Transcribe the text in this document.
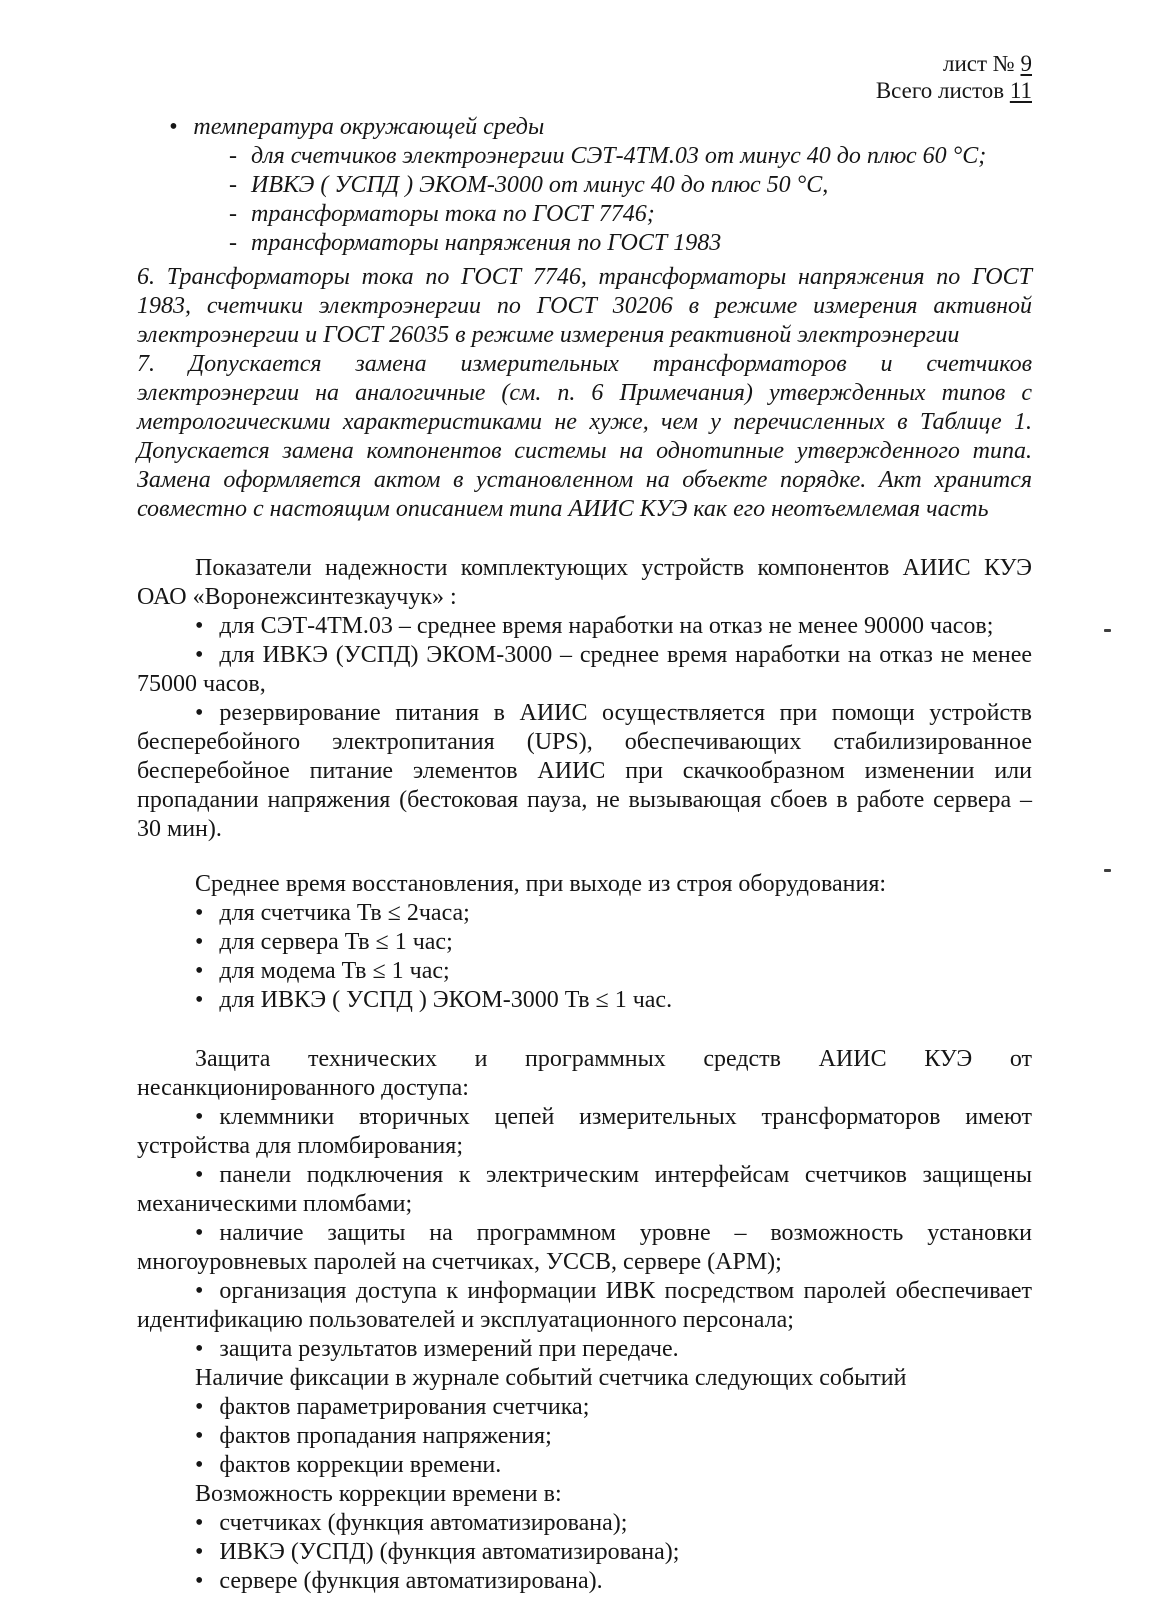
лист № 9
Всего листов 11

• температура окружающей среды

- для счетчиков электроэнергии СЭТ-4ТМ.03 от минус 40 до плюс 60 °С;

- ИВКЭ ( УСПД ) ЭКОМ-3000 от минус 40 до плюс 50 °С,

- трансформаторы тока по ГОСТ 7746;

- трансформаторы напряжения по ГОСТ 1983

6. Трансформаторы тока по ГОСТ 7746, трансформаторы напряжения по ГОСТ 1983, счетчики электроэнергии по ГОСТ 30206 в режиме измерения активной электроэнергии и ГОСТ 26035 в режиме измерения реактивной электроэнергии

7. Допускается замена измерительных трансформаторов и счетчиков электроэнергии на аналогичные (см. п. 6 Примечания) утвержденных типов с метрологическими характеристиками не хуже, чем у перечисленных в Таблице 1. Допускается замена компонентов системы на однотипные утвержденного типа. Замена оформляется актом в установленном на объекте порядке. Акт хранится совместно с настоящим описанием типа АИИС КУЭ как его неотъемлемая часть

Показатели надежности комплектующих устройств компонентов АИИС КУЭ ОАО «Воронежсинтезкаучук» :

• для СЭТ-4ТМ.03 – среднее время наработки на отказ не менее 90000 часов;

• для ИВКЭ (УСПД) ЭКОМ-3000 – среднее время наработки на отказ не менее 75000 часов,

• резервирование питания в АИИС осуществляется при помощи устройств бесперебойного электропитания (UPS), обеспечивающих стабилизированное бесперебойное питание элементов АИИС при скачкообразном изменении или пропадании напряжения (бестоковая пауза, не вызывающая сбоев в работе сервера – 30 мин).

Среднее время восстановления, при выходе из строя оборудования:

• для счетчика Тв ≤ 2часа;

• для сервера Тв ≤ 1 час;

• для модема Тв ≤ 1 час;

• для ИВКЭ ( УСПД ) ЭКОМ-3000 Тв ≤ 1 час.

Защита технических и программных средств АИИС КУЭ от несанкционированного доступа:

• клеммники вторичных цепей измерительных трансформаторов имеют устройства для пломбирования;

• панели подключения к электрическим интерфейсам счетчиков защищены механическими пломбами;

• наличие защиты на программном уровне – возможность установки многоуровневых паролей на счетчиках, УССВ, сервере (АРМ);

• организация доступа к информации ИВК посредством паролей обеспечивает идентификацию пользователей и эксплуатационного персонала;

• защита результатов измерений при передаче.

Наличие фиксации в журнале событий счетчика следующих событий

• фактов параметрирования счетчика;

• фактов пропадания напряжения;

• фактов коррекции времени.

Возможность коррекции времени в:

• счетчиках (функция автоматизирована);

• ИВКЭ (УСПД) (функция автоматизирована);

• сервере (функция автоматизирована).
